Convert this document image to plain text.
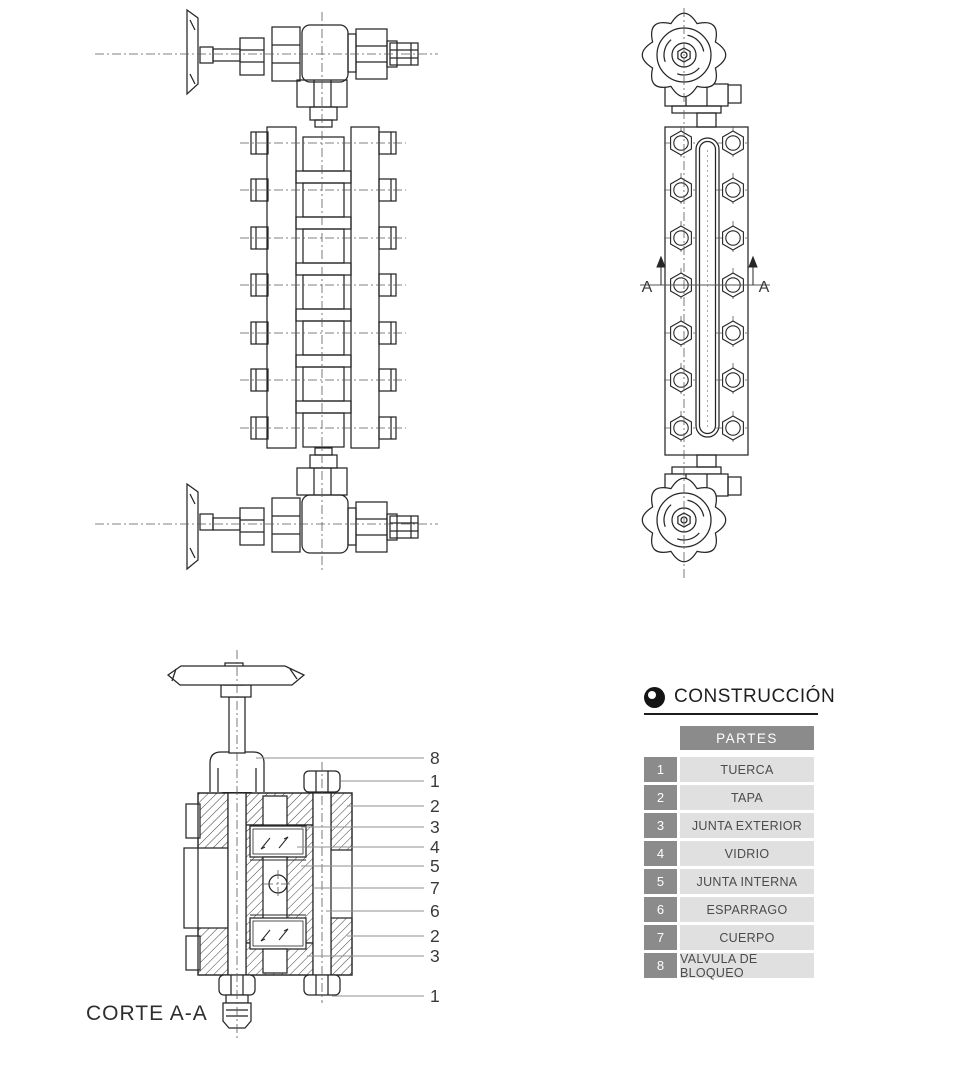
A	A
8
1
2
3
4
5
7
6
2
3
1
CORTE A-A
CONSTRUCCIÓN
PARTES
1	TUERCA
2	TAPA
3	JUNTA EXTERIOR
4	VIDRIO
5	JUNTA INTERNA
6	ESPARRAGO
7	CUERPO
8	VALVULA DE BLOQUEO
